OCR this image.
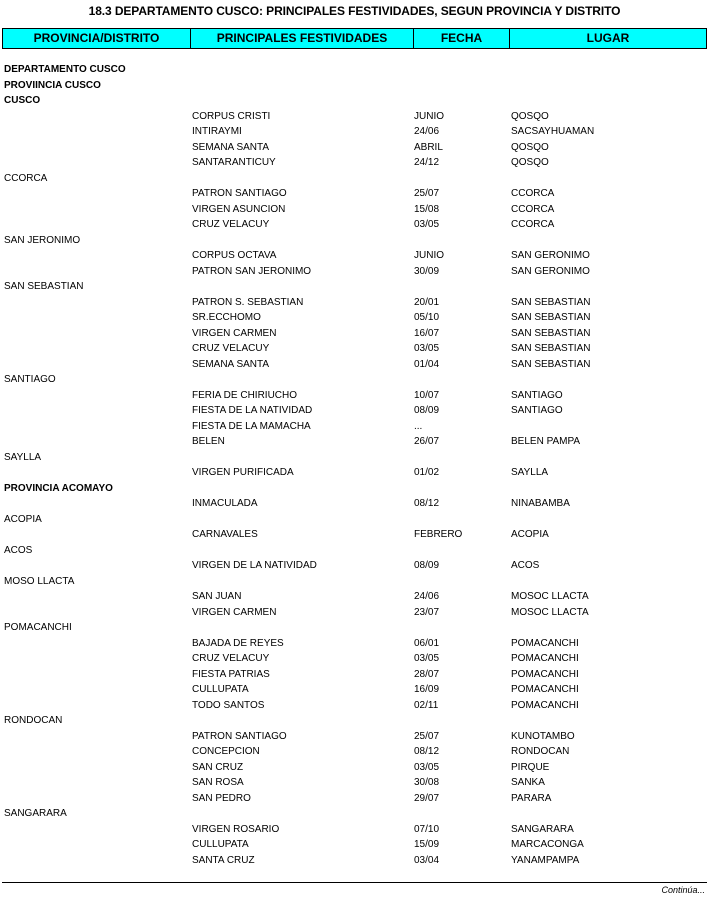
18.3 DEPARTAMENTO CUSCO: PRINCIPALES FESTIVIDADES, SEGUN PROVINCIA Y DISTRITO
PROVINCIA/DISTRITO	PRINCIPALES FESTIVIDADES	FECHA	LUGAR
DEPARTAMENTO CUSCO
PROVIINCIA CUSCO
CUSCO
CORPUS CRISTI	JUNIO	QOSQO
INTIRAYMI	24/06	SACSAYHUAMAN
SEMANA SANTA	ABRIL	QOSQO
SANTARANTICUY	24/12	QOSQO
CCORCA
PATRON SANTIAGO	25/07	CCORCA
VIRGEN ASUNCION	15/08	CCORCA
CRUZ VELACUY	03/05	CCORCA
SAN JERONIMO
CORPUS OCTAVA	JUNIO	SAN GERONIMO
PATRON SAN JERONIMO	30/09	SAN GERONIMO
SAN SEBASTIAN
PATRON S. SEBASTIAN	20/01	SAN SEBASTIAN
SR.ECCHOMO	05/10	SAN SEBASTIAN
VIRGEN CARMEN	16/07	SAN SEBASTIAN
CRUZ VELACUY	03/05	SAN SEBASTIAN
SEMANA SANTA	01/04	SAN SEBASTIAN
SANTIAGO
FERIA DE CHIRIUCHO	10/07	SANTIAGO
FIESTA DE LA NATIVIDAD	08/09	SANTIAGO
FIESTA DE LA MAMACHA	...
BELEN	26/07	BELEN PAMPA
SAYLLA
VIRGEN PURIFICADA	01/02	SAYLLA
PROVINCIA ACOMAYO
INMACULADA	08/12	NINABAMBA
ACOPIA
CARNAVALES	FEBRERO	ACOPIA
ACOS
VIRGEN DE LA NATIVIDAD	08/09	ACOS
MOSO LLACTA
SAN JUAN	24/06	MOSOC LLACTA
VIRGEN CARMEN	23/07	MOSOC LLACTA
POMACANCHI
BAJADA DE REYES	06/01	POMACANCHI
CRUZ VELACUY	03/05	POMACANCHI
FIESTA PATRIAS	28/07	POMACANCHI
CULLUPATA	16/09	POMACANCHI
TODO SANTOS	02/11	POMACANCHI
RONDOCAN
PATRON SANTIAGO	25/07	KUNOTAMBO
CONCEPCION	08/12	RONDOCAN
SAN CRUZ	03/05	PIRQUE
SAN ROSA	30/08	SANKA
SAN PEDRO	29/07	PARARA
SANGARARA
VIRGEN ROSARIO	07/10	SANGARARA
CULLUPATA	15/09	MARCACONGA
SANTA CRUZ	03/04	YANAMPAMPA
Continúa...
